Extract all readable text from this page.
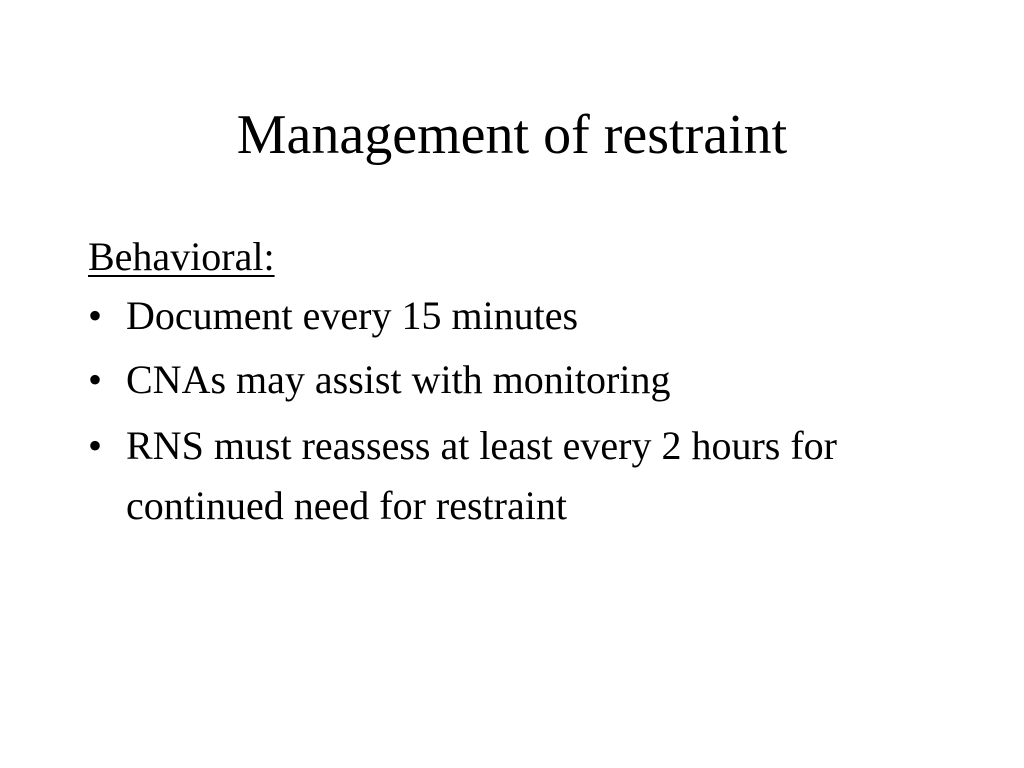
Management of restraint
Behavioral:
• Document every 15 minutes
• CNAs may assist with monitoring
• RNS must reassess at least every 2 hours for continued need for restraint
